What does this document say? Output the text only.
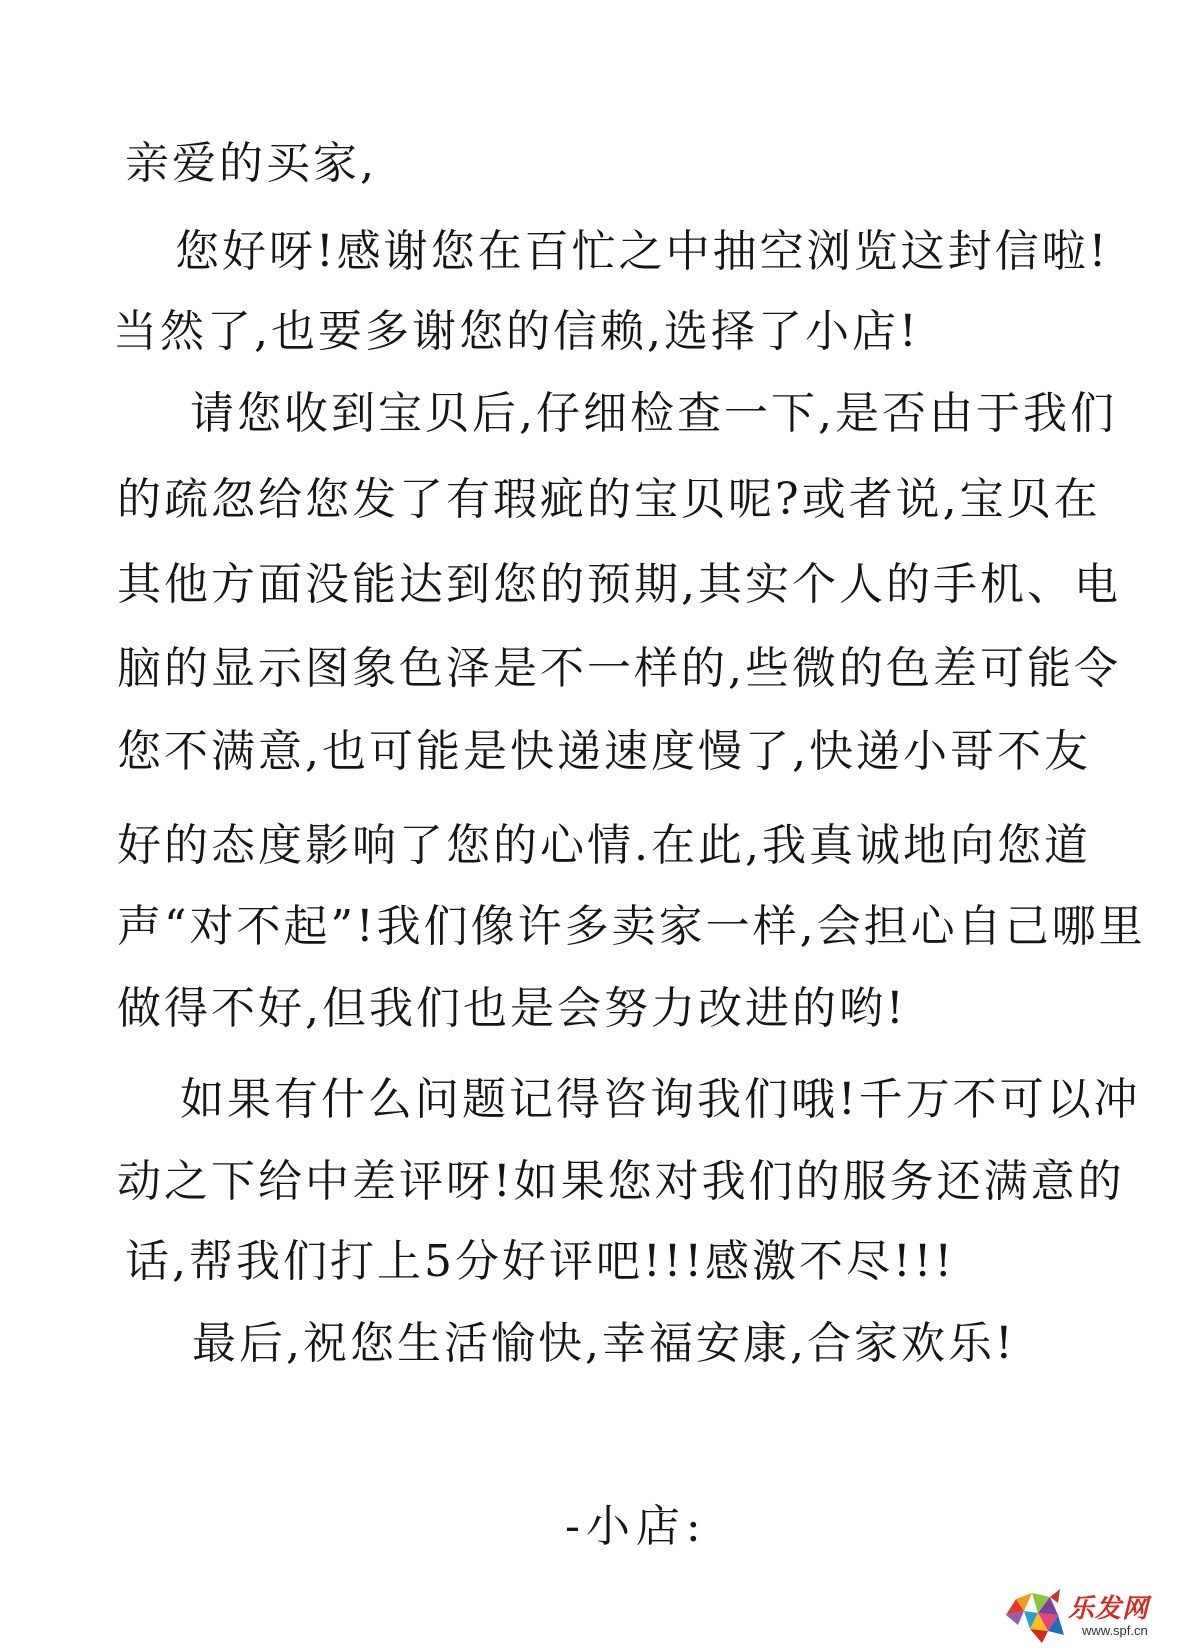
亲爱的买家,
您好呀!感谢您在百忙之中抽空浏览这封信啦!
当然了,也要多谢您的信赖,选择了小店!
请您收到宝贝后,仔细检查一下,是否由于我们
的疏忽给您发了有瑕疵的宝贝呢?或者说,宝贝在
其他方面没能达到您的预期,其实个人的手机、电
脑的显示图象色泽是不一样的,些微的色差可能令
您不满意,也可能是快递速度慢了,快递小哥不友
好的态度影响了您的心情.在此,我真诚地向您道
声“对不起”!我们像许多卖家一样,会担心自己哪里
做得不好,但我们也是会努力改进的哟!
如果有什么问题记得咨询我们哦!千万不可以冲
动之下给中差评呀!如果您对我们的服务还满意的
话,帮我们打上5分好评吧!!!感激不尽!!!
最后,祝您生活愉快,幸福安康,合家欢乐!
-小店:
乐发网
www.spf.cn
